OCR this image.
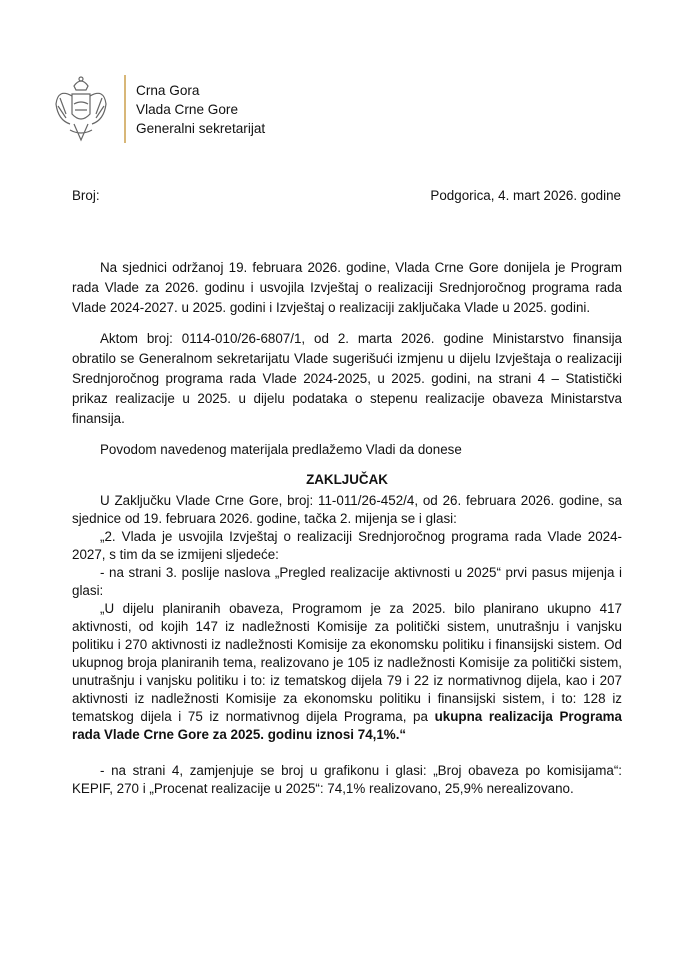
Crna Gora
Vlada Crne Gore
Generalni sekretarijat
Broj:	Podgorica, 4. mart 2026. godine

Na sjednici održanoj 19. februara 2026. godine, Vlada Crne Gore donijela je Program rada Vlade za 2026. godinu i usvojila Izvještaj o realizaciji Srednjoročnog programa rada Vlade 2024-2027. u 2025. godini i Izvještaj o realizaciji zaključaka Vlade u 2025. godini.

Aktom broj: 0114-010/26-6807/1, od 2. marta 2026. godine Ministarstvo finansija obratilo se Generalnom sekretarijatu Vlade sugerišući izmjenu u dijelu Izvještaja o realizaciji Srednjoročnog programa rada Vlade 2024-2025, u 2025. godini, na strani 4 – Statistički prikaz realizacije u 2025. u dijelu podataka o stepenu realizacije obaveza Ministarstva finansija.

Povodom navedenog materijala predlažemo Vladi da donese

ZAKLJUČAK

U Zaključku Vlade Crne Gore, broj: 11-011/26-452/4, od 26. februara 2026. godine, sa sjednice od 19. februara 2026. godine, tačka 2. mijenja se i glasi:

„2. Vlada je usvojila Izvještaj o realizaciji Srednjoročnog programa rada Vlade 2024-2027, s tim da se izmijeni sljedeće:

- na strani 3. poslije naslova „Pregled realizacije aktivnosti u 2025“ prvi pasus mijenja i glasi:

„U dijelu planiranih obaveza, Programom je za 2025. bilo planirano ukupno 417 aktivnosti, od kojih 147 iz nadležnosti Komisije za politički sistem, unutrašnju i vanjsku politiku i 270 aktivnosti iz nadležnosti Komisije za ekonomsku politiku i finansijski sistem. Od ukupnog broja planiranih tema, realizovano je 105 iz nadležnosti Komisije za politički sistem, unutrašnju i vanjsku politiku i to: iz tematskog dijela 79 i 22 iz normativnog dijela, kao i 207 aktivnosti iz nadležnosti Komisije za ekonomsku politiku i finansijski sistem, i to: 128 iz tematskog dijela i 75 iz normativnog dijela Programa, pa ukupna realizacija Programa rada Vlade Crne Gore za 2025. godinu iznosi 74,1%.“

- na strani 4, zamjenjuje se broj u grafikonu i glasi: „Broj obaveza po komisijama“: KEPIF, 270 i „Procenat realizacije u 2025“: 74,1% realizovano, 25,9% nerealizovano.
